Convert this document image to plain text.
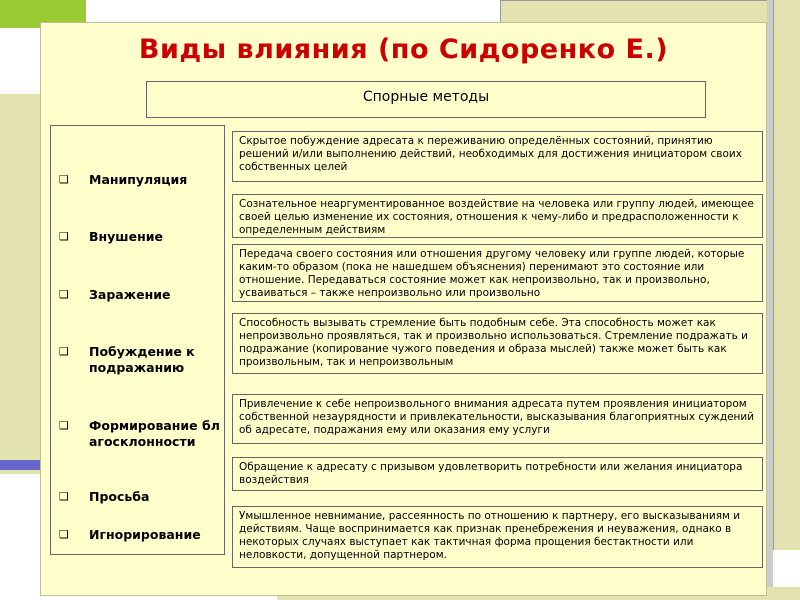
Виды влияния (по Сидоренко Е.)
Спорные методы
❑ Манипуляция
❑ Внушение
❑ Заражение
❑ Побуждение к подражанию
❑ Формирование благосклонности
❑ Просьба
❑ Игнорирование
Скрытое побуждение адресата к переживанию определённых состояний, принятию решений и/или выполнению действий, необходимых для достижения инициатором своих собственных целей
Сознательное неаргументированное воздействие на человека или группу людей, имеющее своей целью изменение их состояния, отношения к чему-либо и предрасположенности к определенным действиям
Передача своего состояния или отношения другому человеку или группе людей, которые каким-то образом (пока не нашедшем объяснения) перенимают это состояние или отношение. Передаваться состояние может как непроизвольно, так и произвольно, усваиваться – также непроизвольно или произвольно
Способность вызывать стремление быть подобным себе. Эта способность может как непроизвольно проявляться, так и произвольно использоваться. Стремление подражать и подражание (копирование чужого поведения и образа мыслей) также может быть как произвольным, так и непроизвольным
Привлечение к себе непроизвольного внимания адресата путем проявления инициатором собственной незаурядности и привлекательности, высказывания благоприятных суждений об адресате, подражания ему или оказания ему услуги
Обращение к адресату с призывом удовлетворить потребности или желания инициатора воздействия
Умышленное невнимание, рассеянность по отношению к партнеру, его высказываниям и действиям. Чаще воспринимается как признак пренебрежения и неуважения, однако в некоторых случаях выступает как тактичная форма прощения бестактности или неловкости, допущенной партнером.
